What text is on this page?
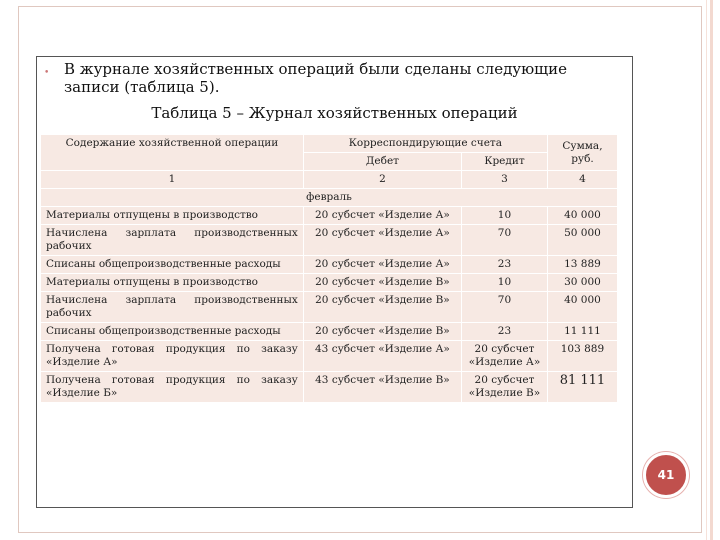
• В журнале хозяйственных операций были сделаны следующие записи (таблица 5).
Таблица 5 – Журнал хозяйственных операций
Содержание хозяйственной операции	Корреспондирующие счета		Сумма, руб.
	Дебет	Кредит	
1	2	3	4
февраль			
Материалы отпущены в производство	20 субсчет «Изделие А»	10	40 000
Начислена зарплата производственных рабочих	20 субсчет «Изделие А»	70	50 000
Списаны общепроизводственные расходы	20 субсчет «Изделие А»	23	13 889
Материалы отпущены в производство	20 субсчет «Изделие В»	10	30 000
Начислена зарплата производственных рабочих	20 субсчет «Изделие В»	70	40 000
Списаны общепроизводственные расходы	20 субсчет «Изделие В»	23	11 111
Получена готовая продукция по заказу «Изделие А»	43 субсчет «Изделие А»	20 субсчет «Изделие А»	103 889
Получена готовая продукция по заказу «Изделие Б»	43 субсчет «Изделие В»	20 субсчет «Изделие В»	81 111
41
